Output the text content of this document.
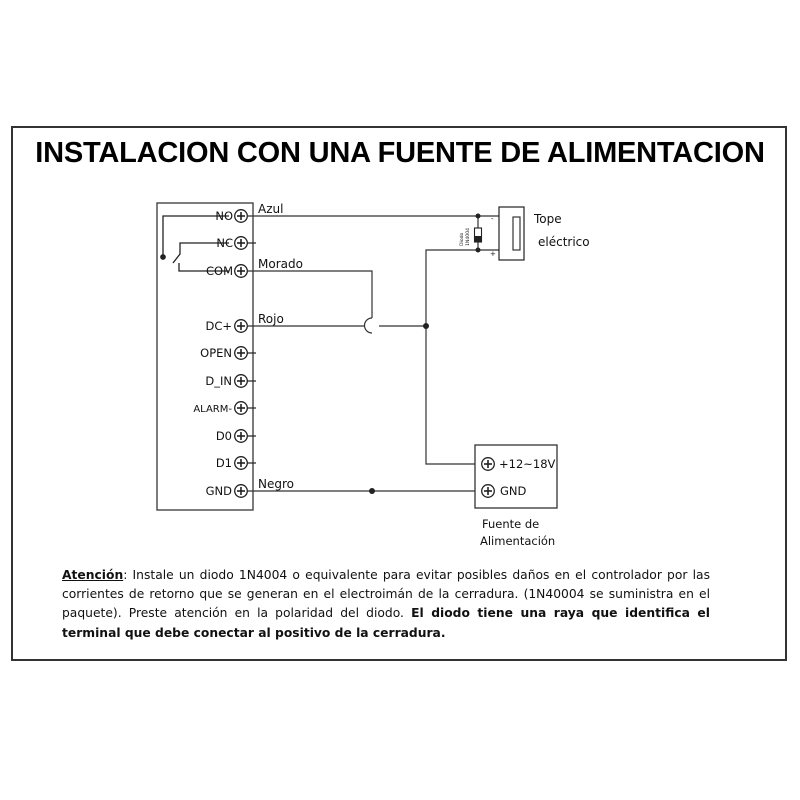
INSTALACION CON UNA FUENTE DE ALIMENTACION
NO
NC
COM
DC+
OPEN
D_IN
ALARM-
D0
D1
GND
Azul
Morado
Rojo
Negro
Diodo 1N4004
-
+
Tope
eléctrico
+12~18V
GND
Fuente de
Alimentación
Atención: Instale un diodo 1N4004 o equivalente para evitar posibles daños en el controlador por las corrientes de retorno que se generan en el electroimán de la cerradura. (1N40004 se suministra en el paquete). Preste atención en la polaridad del diodo. El diodo tiene una raya que identifica el terminal que debe conectar al positivo de la cerradura.
